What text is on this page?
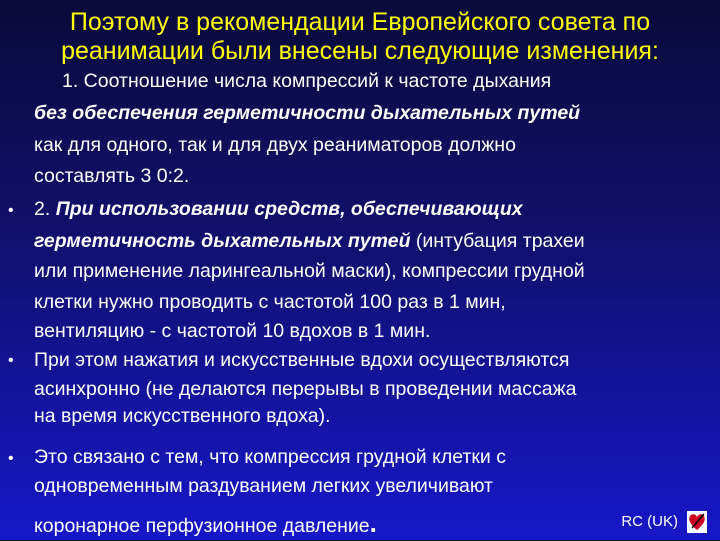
Поэтому в рекомендации Европейского совета по
реанимации были внесены следующие изменения:
1. Соотношение числа компрессий к частоте дыхания
без обеспечения герметичности дыхательных путей
как для одного, так и для двух реаниматоров должно
составлять 3 0:2.
• 2. При использовании средств, обеспечивающих
герметичность дыхательных путей (интубация трахеи
или применение ларингеальной маски), компрессии грудной
клетки нужно проводить с частотой 100 раз в 1 мин,
вентиляцию - с частотой 10 вдохов в 1 мин.
• При этом нажатия и искусственные вдохи осуществляются
асинхронно (не делаются перерывы в проведении массажа
на время искусственного вдоха).
• Это связано с тем, что компрессия грудной клетки с
одновременным раздуванием легких увеличивают
коронарное перфузионное давление.	RC (UK)
